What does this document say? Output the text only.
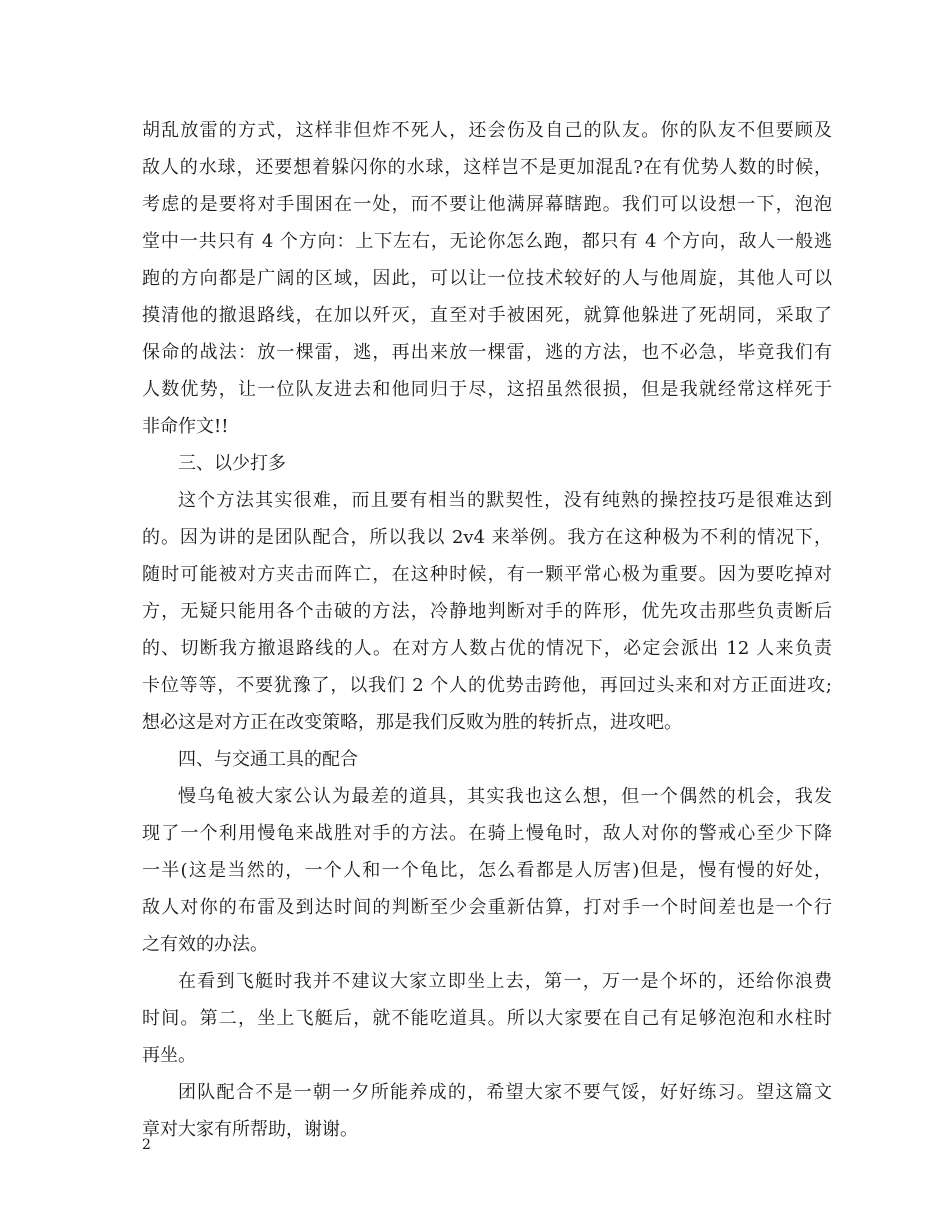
胡乱放雷的方式，这样非但炸不死人，还会伤及自己的队友。你的队友不但要顾及
敌人的水球，还要想着躲闪你的水球，这样岂不是更加混乱?在有优势人数的时候，
考虑的是要将对手围困在一处，而不要让他满屏幕瞎跑。我们可以设想一下，泡泡
堂中一共只有 4 个方向：上下左右，无论你怎么跑，都只有 4 个方向，敌人一般逃
跑的方向都是广阔的区域，因此，可以让一位技术较好的人与他周旋，其他人可以
摸清他的撤退路线，在加以歼灭，直至对手被困死，就算他躲进了死胡同，采取了
保命的战法：放一棵雷，逃，再出来放一棵雷，逃的方法，也不必急，毕竟我们有
人数优势，让一位队友进去和他同归于尽，这招虽然很损，但是我就经常这样死于
非命作文!!
三、以少打多
这个方法其实很难，而且要有相当的默契性，没有纯熟的操控技巧是很难达到
的。因为讲的是团队配合，所以我以 2v4 来举例。我方在这种极为不利的情况下，
随时可能被对方夹击而阵亡，在这种时候，有一颗平常心极为重要。因为要吃掉对
方，无疑只能用各个击破的方法，冷静地判断对手的阵形，优先攻击那些负责断后
的、切断我方撤退路线的人。在对方人数占优的情况下，必定会派出 12 人来负责
卡位等等，不要犹豫了，以我们 2 个人的优势击跨他，再回过头来和对方正面进攻;
想必这是对方正在改变策略，那是我们反败为胜的转折点，进攻吧。
四、与交通工具的配合
慢乌龟被大家公认为最差的道具，其实我也这么想，但一个偶然的机会，我发
现了一个利用慢龟来战胜对手的方法。在骑上慢龟时，敌人对你的警戒心至少下降
一半(这是当然的，一个人和一个龟比，怎么看都是人厉害)但是，慢有慢的好处，
敌人对你的布雷及到达时间的判断至少会重新估算，打对手一个时间差也是一个行
之有效的办法。
在看到飞艇时我并不建议大家立即坐上去，第一，万一是个坏的，还给你浪费
时间。第二，坐上飞艇后，就不能吃道具。所以大家要在自己有足够泡泡和水柱时
再坐。
团队配合不是一朝一夕所能养成的，希望大家不要气馁，好好练习。望这篇文
章对大家有所帮助，谢谢。
2
